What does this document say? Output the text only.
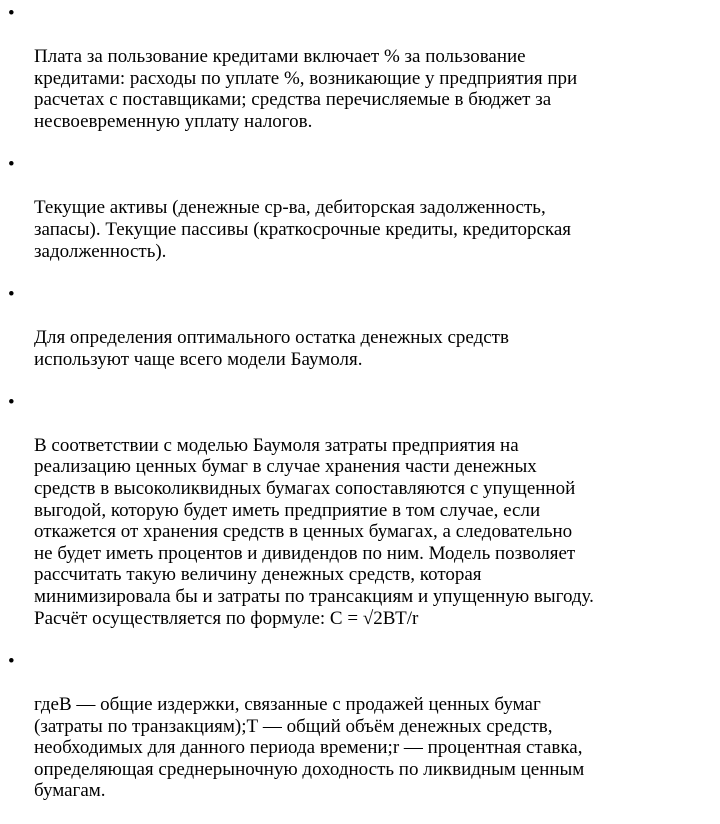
•

Плата за пользование кредитами включает % за пользование
кредитами: расходы по уплате %, возникающие у предприятия при
расчетах с поставщиками; средства перечисляемые в бюджет за
несвоевременную уплату налогов.

•

Текущие активы (денежные ср-ва, дебиторская задолженность,
запасы). Текущие пассивы (краткосрочные кредиты, кредиторская
задолженность).

•

Для определения оптимального остатка денежных средств
используют чаще всего модели Баумоля.

•

В соответствии с моделью Баумоля затраты предприятия на
реализацию ценных бумаг в случае хранения части денежных
средств в высоколиквидных бумагах сопоставляются с упущенной
выгодой, которую будет иметь предприятие в том случае, если
откажется от хранения средств в ценных бумагах, а следовательно
не будет иметь процентов и дивидендов по ним. Модель позволяет
рассчитать такую величину денежных средств, которая
минимизировала бы и затраты по трансакциям и упущенную выгоду.
Расчёт осуществляется по формуле: С = √2ВТ/r

•

гдеВ — общие издержки, связанные с продажей ценных бумаг
(затраты по транзакциям);Т — общий объём денежных средств,
необходимых для данного периода времени;r — процентная ставка,
определяющая среднерыночную доходность по ликвидным ценным
бумагам.
